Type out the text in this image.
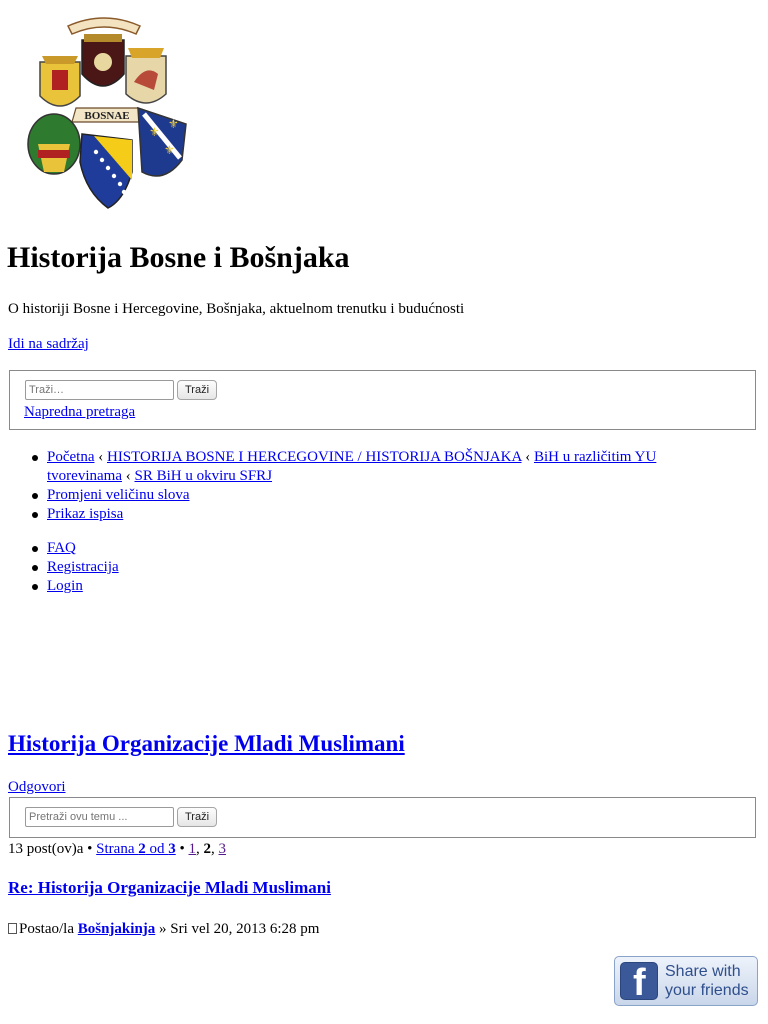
BOSNAE
⚜
⚜
⚜
Historija Bosne i Bošnjaka

O historiji Bosne i Hercegovine, Bošnjaka, aktuelnom trenutku i budućnosti

Idi na sadržaj
Traži…
Traži
Napredna pretraga
Početna ‹ HISTORIJA BOSNE I HERCEGOVINE / HISTORIJA BOŠNJAKA ‹ BiH u različitim YU tvorevinama ‹ SR BiH u okviru SFRJ
Promjeni veličinu slova
Prikaz ispisa
FAQ
Registracija
Login
Historija Organizacije Mladi Muslimani
Odgovori
Pretraži ovu temu ...
Traži
13 post(ov)a • Strana 2 od 3 • 1, 2, 3
Re: Historija Organizacije Mladi Muslimani
Postao/la Bošnjakinja » Sri vel 20, 2013 6:28 pm
f Share with
your friends
